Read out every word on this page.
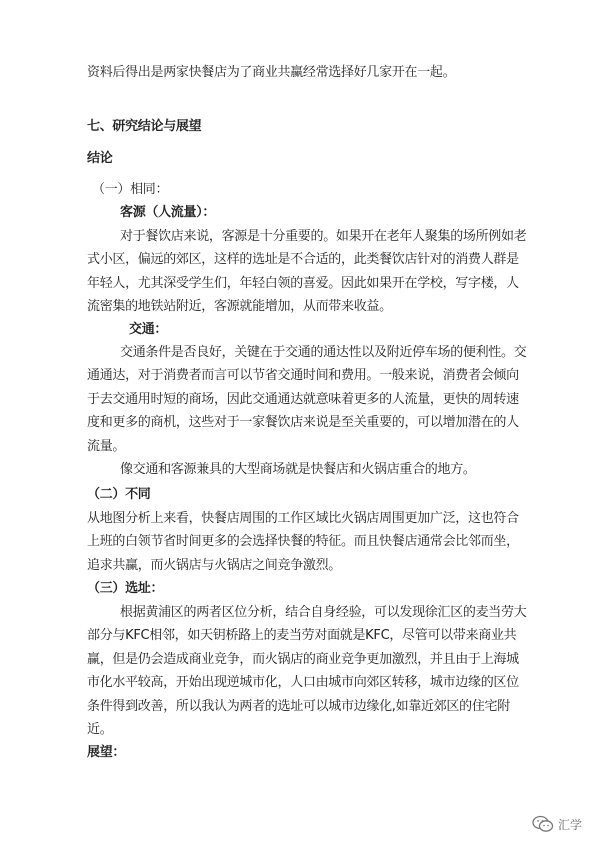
资料后得出是两家快餐店为了商业共赢经常选择好几家开在一起。
七、研究结论与展望
结论
（一）相同：
客源（人流量）：
对于餐饮店来说，客源是十分重要的。如果开在老年人聚集的场所例如老式小区，偏远的郊区，这样的选址是不合适的，此类餐饮店针对的消费人群是年轻人，尤其深受学生们，年轻白领的喜爱。因此如果开在学校，写字楼，人流密集的地铁站附近，客源就能增加，从而带来收益。
交通：
交通条件是否良好，关键在于交通的通达性以及附近停车场的便利性。交通通达，对于消费者而言可以节省交通时间和费用。一般来说，消费者会倾向于去交通用时短的商场，因此交通通达就意味着更多的人流量，更快的周转速度和更多的商机，这些对于一家餐饮店来说是至关重要的，可以增加潜在的人流量。
像交通和客源兼具的大型商场就是快餐店和火锅店重合的地方。
（二）不同
从地图分析上来看，快餐店周围的工作区域比火锅店周围更加广泛，这也符合上班的白领节省时间更多的会选择快餐的特征。而且快餐店通常会比邻而坐，追求共赢，而火锅店与火锅店之间竞争激烈。
（三）选址：
根据黄浦区的两者区位分析，结合自身经验，可以发现徐汇区的麦当劳大部分与KFC相邻，如天钥桥路上的麦当劳对面就是KFC，尽管可以带来商业共赢，但是仍会造成商业竞争，而火锅店的商业竞争更加激烈，并且由于上海城市化水平较高，开始出现逆城市化，人口由城市向郊区转移，城市边缘的区位条件得到改善，所以我认为两者的选址可以城市边缘化,如靠近郊区的住宅附近。
展望：
汇学
